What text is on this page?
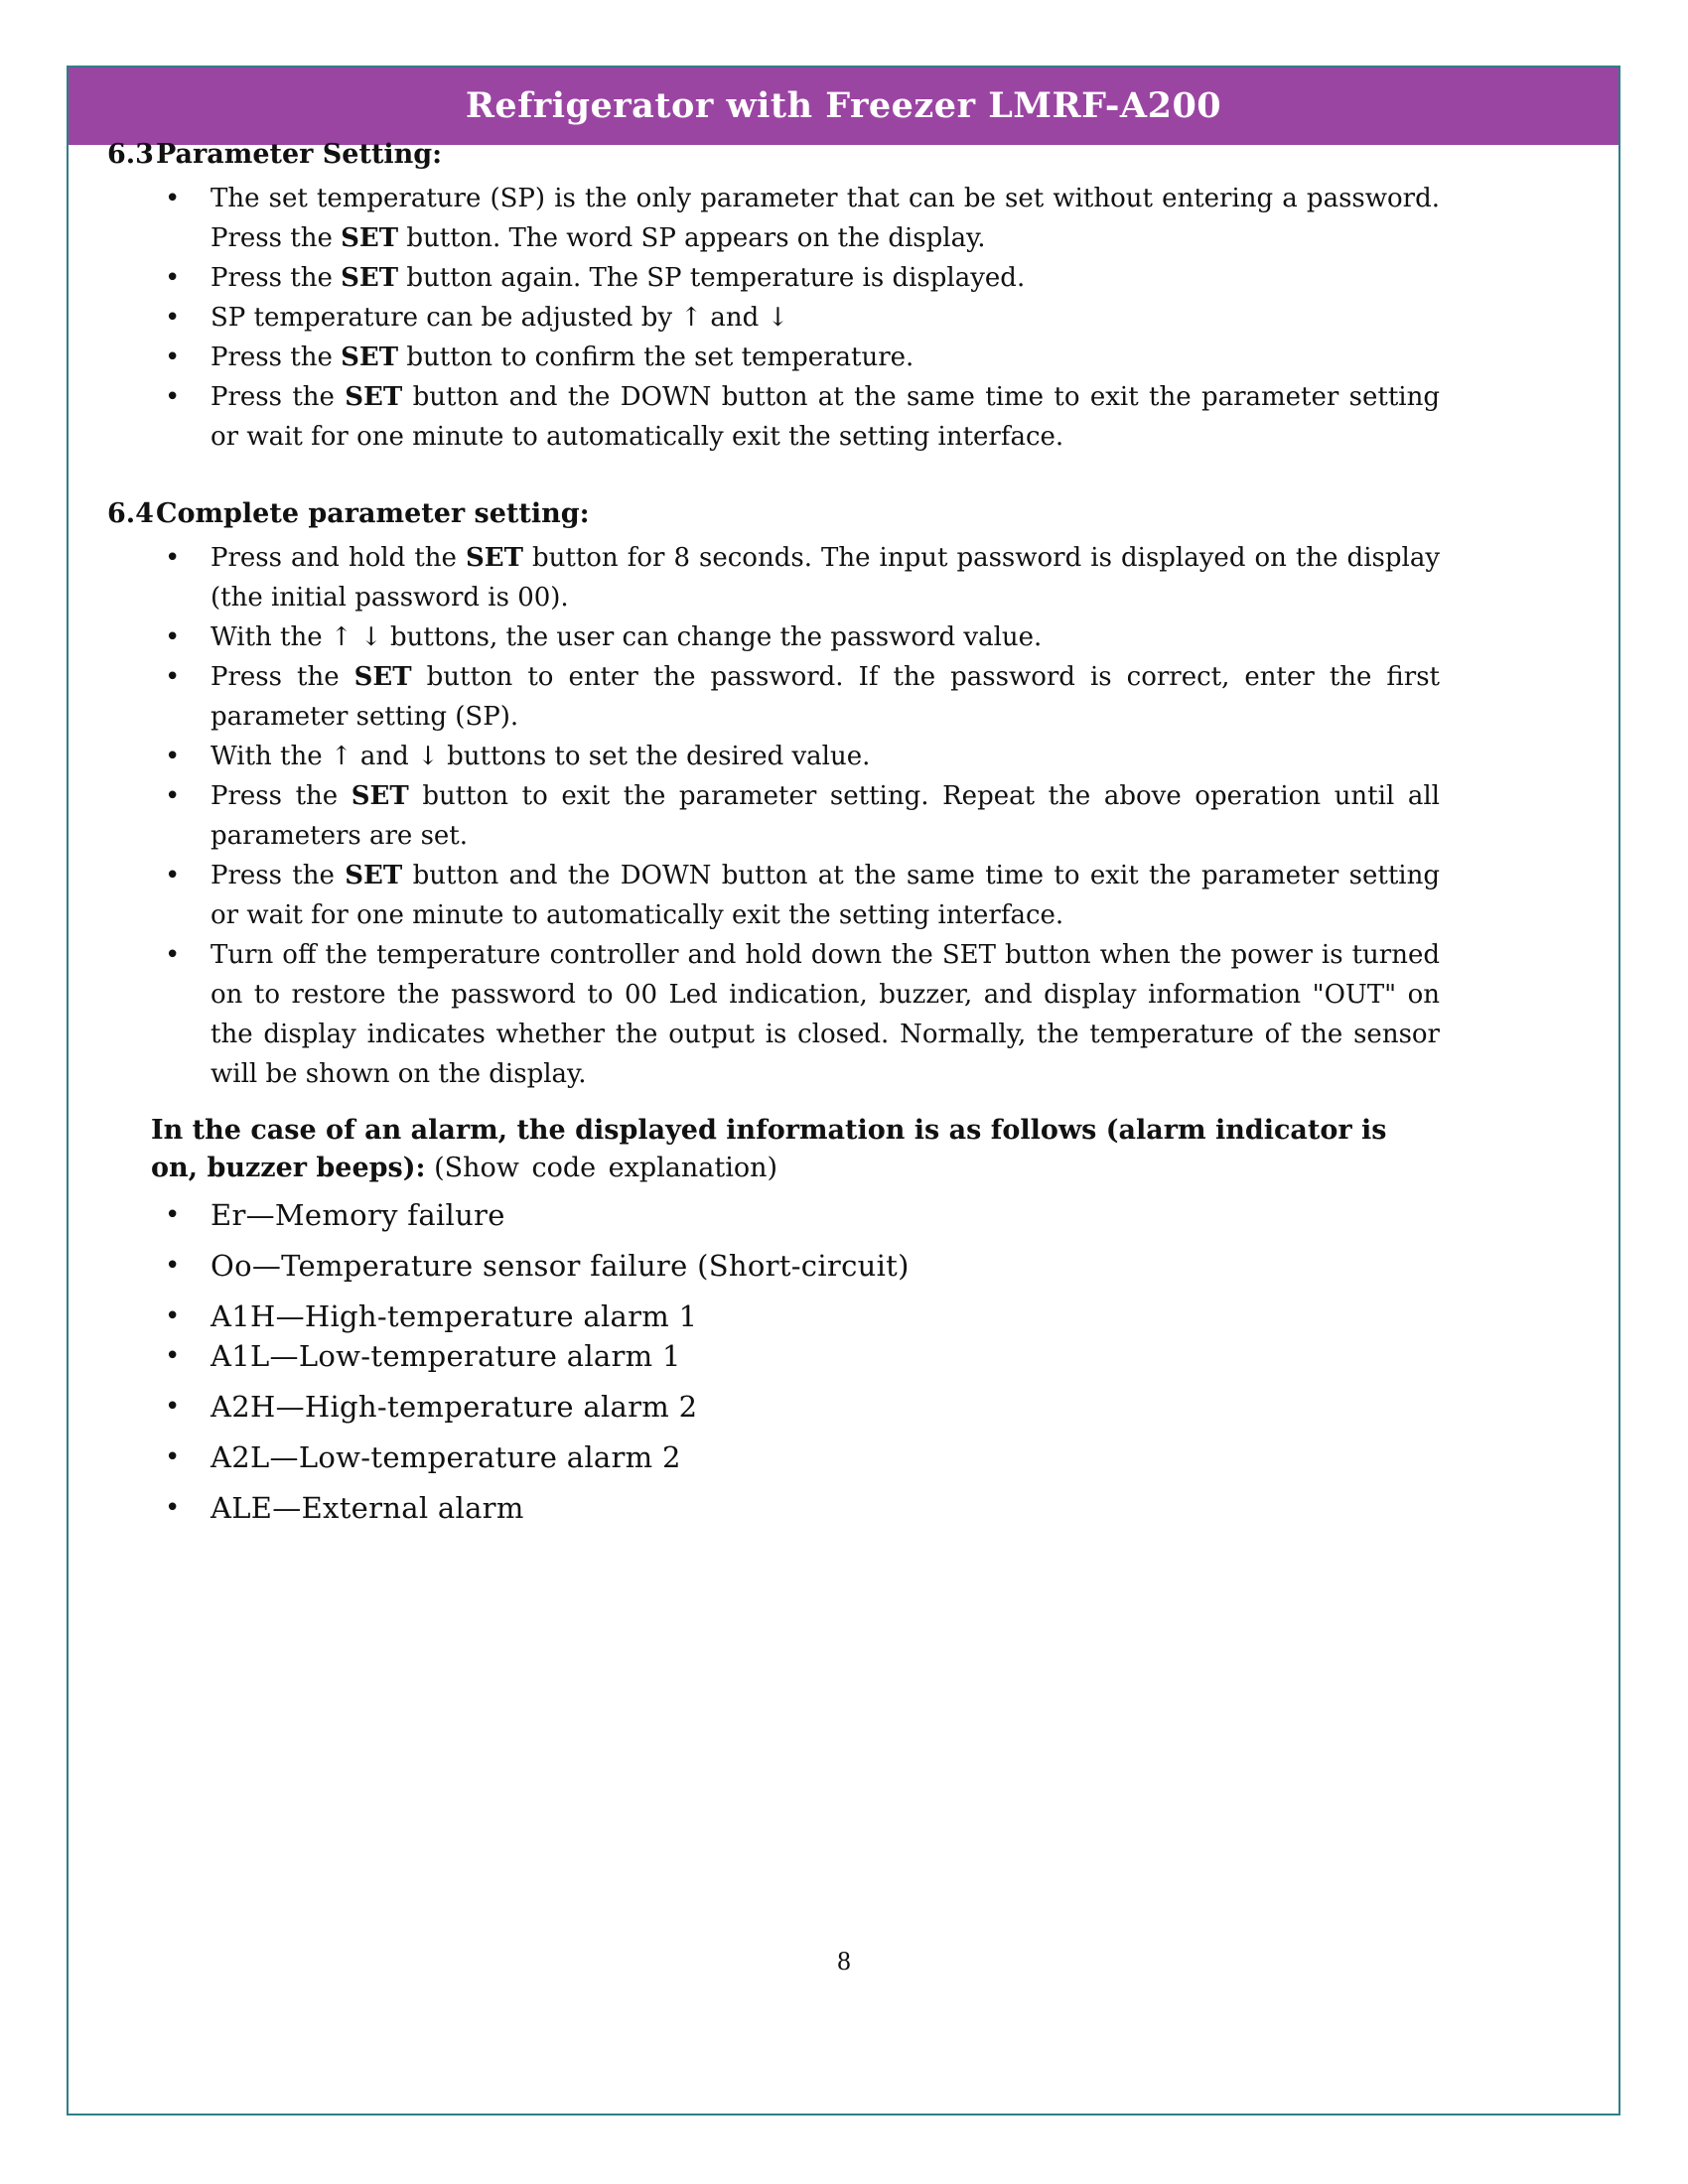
Refrigerator with Freezer LMRF-A200
6.3Parameter Setting:
• The set temperature (SP) is the only parameter that can be set without entering a password. Press the SET button. The word SP appears on the display.
• Press the SET button again. The SP temperature is displayed.
• SP temperature can be adjusted by ↑ and ↓
• Press the SET button to confirm the set temperature.
• Press the SET button and the DOWN button at the same time to exit the parameter setting or wait for one minute to automatically exit the setting interface.
6.4Complete parameter setting:
• Press and hold the SET button for 8 seconds. The input password is displayed on the display (the initial password is 00).
• With the ↑ ↓ buttons, the user can change the password value.
• Press the SET button to enter the password. If the password is correct, enter the first parameter setting (SP).
• With the ↑ and ↓ buttons to set the desired value.
• Press the SET button to exit the parameter setting. Repeat the above operation until all parameters are set.
• Press the SET button and the DOWN button at the same time to exit the parameter setting or wait for one minute to automatically exit the setting interface.
• Turn off the temperature controller and hold down the SET button when the power is turned on to restore the password to 00 Led indication, buzzer, and display information "OUT" on the display indicates whether the output is closed. Normally, the temperature of the sensor will be shown on the display.
In the case of an alarm, the displayed information is as follows (alarm indicator is on, buzzer beeps): (Show code explanation)
• Er—Memory failure
• Oo—Temperature sensor failure (Short-circuit)
• A1H—High-temperature alarm 1
• A1L—Low-temperature alarm 1
• A2H—High-temperature alarm 2
• A2L—Low-temperature alarm 2
• ALE—External alarm
8
